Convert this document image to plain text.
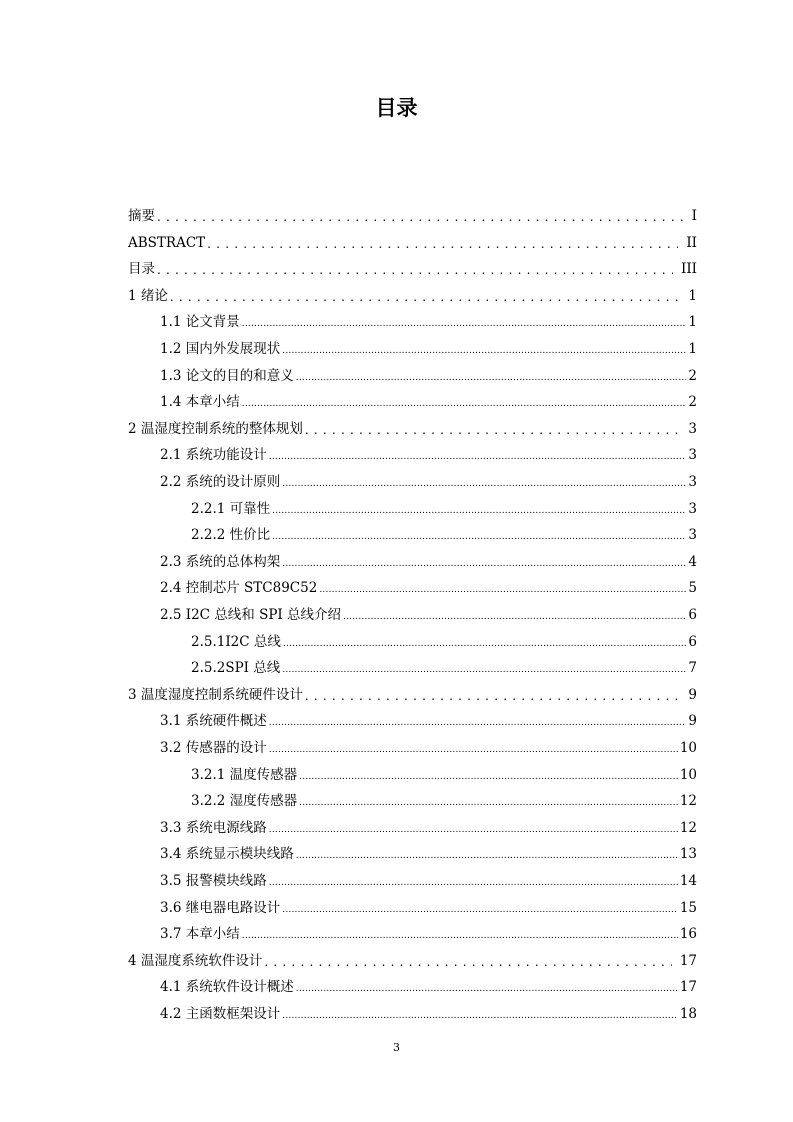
目录
摘要 .....	I
ABSTRACT .....	II
目录 .....	III
1 绪论 .....	1
1.1 论文背景 .....	1
1.2 国内外发展现状 .....	1
1.3 论文的目的和意义 .....	2
1.4 本章小结 .....	2
2 温湿度控制系统的整体规划 .....	3
2.1 系统功能设计 .....	3
2.2 系统的设计原则 .....	3
2.2.1 可靠性 .....	3
2.2.2 性价比 .....	3
2.3 系统的总体构架 .....	4
2.4 控制芯片 STC89C52 .....	5
2.5 I2C 总线和 SPI 总线介绍 .....	6
2.5.1I2C 总线 .....	6
2.5.2SPI 总线 .....	7
3 温度湿度控制系统硬件设计 .....	9
3.1 系统硬件概述 .....	9
3.2 传感器的设计 .....	10
3.2.1 温度传感器 .....	10
3.2.2 湿度传感器 .....	12
3.3 系统电源线路 .....	12
3.4 系统显示模块线路 .....	13
3.5 报警模块线路 .....	14
3.6 继电器电路设计 .....	15
3.7 本章小结 .....	16
4 温湿度系统软件设计 .....	17
4.1 系统软件设计概述 .....	17
4.2 主函数框架设计 .....	18
3
